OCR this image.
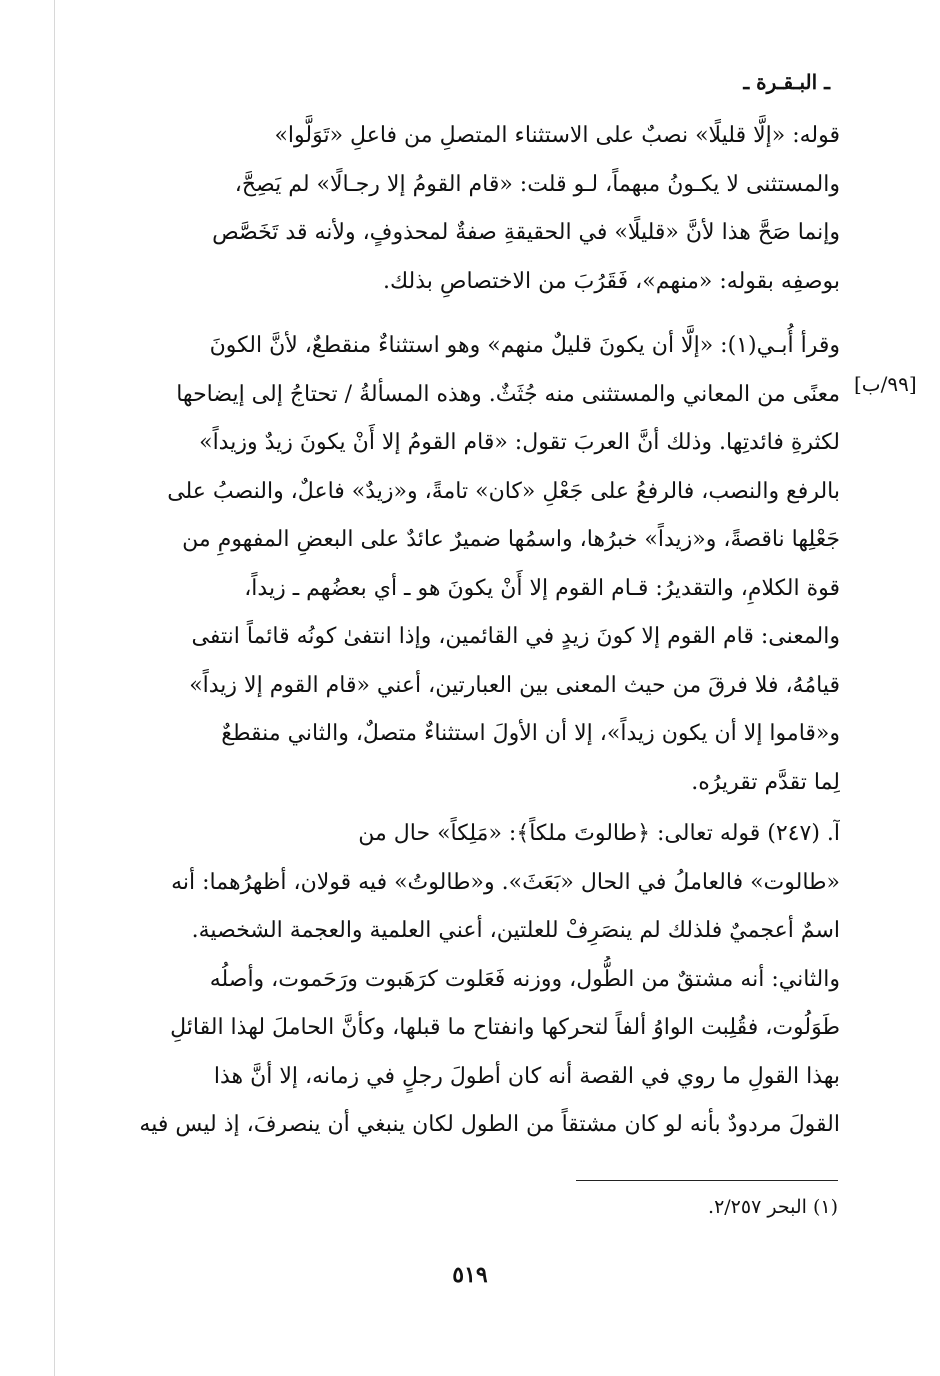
ـ البـقـرة ـ
قوله: «إلَّا قليلًا» نصبٌ على الاستثناء المتصلِ من فاعلِ «تَوَلَّوا»
والمستثنى لا يكـونُ مبهماً، لـو قلت: «قام القومُ إلا رجـالًا» لم يَصِحَّ،
وإنما صَحَّ هذا لأنَّ «قليلًا» في الحقيقةِ صفةٌ لمحذوفٍ، ولأنه قد تَخَصَّص
بوصفِه بقوله: «منهم»، فَقَرُبَ من الاختصاصِ بذلك.
وقرأ أُبـي(١): «إلَّا أن يكونَ قليلٌ منهم» وهو استثناءٌ منقطعٌ، لأنَّ الكونَ
معنًى من المعاني والمستثنى منه جُثَثٌ. وهذه المسألةُ / تحتاجُ إلى إيضاحها
لكثرةِ فائدتِها. وذلك أنَّ العربَ تقول: «قام القومُ إلا أَنْ يكونَ زيدٌ وزيداً»
بالرفع والنصب، فالرفعُ على جَعْلِ «كان» تامةً، و«زيدٌ» فاعلٌ، والنصبُ على
جَعْلِها ناقصةً، و«زيداً» خبرُها، واسمُها ضميرٌ عائدٌ على البعضِ المفهومِ من
قوة الكلامِ، والتقديرُ: قـام القوم إلا أَنْ يكونَ هو ـ أي بعضُهم ـ زيداً،
والمعنى: قام القوم إلا كونَ زيدٍ في القائمين، وإذا انتفىٰ كونُه قائماً انتفى
قيامُهُ، فلا فرقَ من حيث المعنى بين العبارتين، أعني «قام القوم إلا زيداً»
و«قاموا إلا أن يكون زيداً»، إلا أن الأولَ استثناءٌ متصلٌ، والثاني منقطعٌ
لِما تقدَّم تقريرُه.
[٩٩/ب]
آ. (٢٤٧) قوله تعالى: ﴿طالوتَ ملكاً﴾: «مَلِكاً» حال من
«طالوت» فالعاملُ في الحال «بَعَثَ». و«طالوتُ» فيه قولان، أظهرُهما: أنه
اسمٌ أعجميٌ فلذلك لم ينصَرِفْ للعلتين، أعني العلمية والعجمة الشخصية.
والثاني: أنه مشتقٌ من الطُّول، ووزنه فَعَلوت كرَهَبوت ورَحَموت، وأصلُه
طَوَلُوت، فقُلِبت الواوُ ألفاً لتحركها وانفتاح ما قبلها، وكأنَّ الحاملَ لهذا القائلِ
بهذا القولِ ما روي في القصة أنه كان أطولَ رجلٍ في زمانه، إلا أنَّ هذا
القولَ مردودٌ بأنه لو كان مشتقاً من الطول لكان ينبغي أن ينصرفَ، إذ ليس فيه
(١) البحر ٢/٢٥٧.
٥١٩
